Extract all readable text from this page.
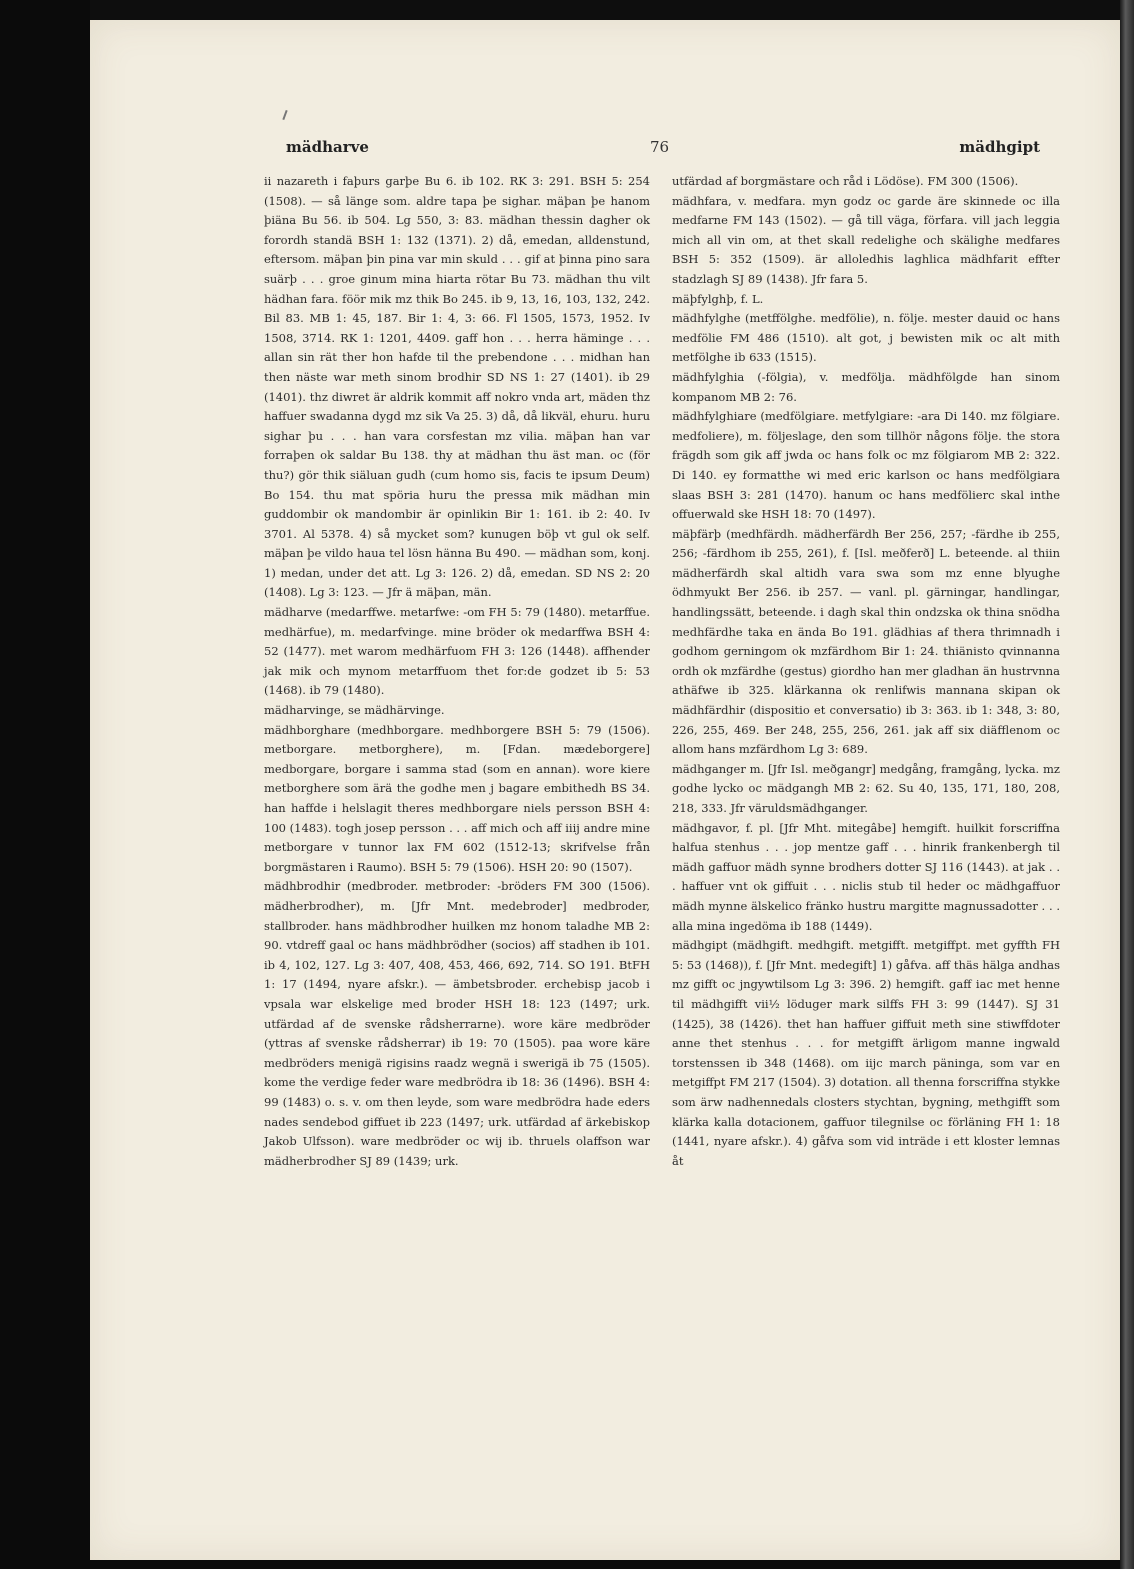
mädharve	76	mädhgipt

ii nazareth i faþurs garþe Bu 6. ib 102. RK 3: 291. BSH 5: 254 (1508). — så länge som. aldre tapa þe sighar. mäþan þe hanom þiäna Bu 56. ib 504. Lg 550, 3: 83. mädhan thessin dagher ok forordh standä BSH 1: 132 (1371). 2) då, emedan, alldenstund, eftersom. mäþan þin pina var min skuld . . . gif at þinna pino sara suärþ . . . groe ginum mina hiarta rötar Bu 73. mädhan thu vilt hädhan fara. föör mik mz thik Bo 245. ib 9, 13, 16, 103, 132, 242. Bil 83. MB 1: 45, 187. Bir 1: 4, 3: 66. Fl 1505, 1573, 1952. Iv 1508, 3714. RK 1: 1201, 4409. gaff hon . . . herra häminge . . . allan sin rät ther hon hafde til the prebendone . . . midhan han then näste war meth sinom brodhir SD NS 1: 27 (1401). ib 29 (1401). thz diwret är aldrik kommit aff nokro vnda art, mäden thz haffuer swadanna dygd mz sik Va 25. 3) då, då likväl, ehuru. huru sighar þu . . . han vara corsfestan mz vilia. mäþan han var forraþen ok saldar Bu 138. thy at mädhan thu äst man. oc (för thu?) gör thik siäluan gudh (cum homo sis, facis te ipsum Deum) Bo 154. thu mat spöria huru the pressa mik mädhan min guddombir ok mandombir är opinlikin Bir 1: 161. ib 2: 40. Iv 3701. Al 5378. 4) så mycket som? kunugen böþ vt gul ok self. mäþan þe vildo haua tel lösn hänna Bu 490. — mädhan som, konj. 1) medan, under det att. Lg 3: 126. 2) då, emedan. SD NS 2: 20 (1408). Lg 3: 123. — Jfr ä mäþan, män.

mädharve (medarffwe. metarfwe: -om FH 5: 79 (1480). metarffue. medhärfue), m. medarfvinge. mine bröder ok medarffwa BSH 4: 52 (1477). met warom medhärfuom FH 3: 126 (1448). affhender jak mik och mynom metarffuom thet for:de godzet ib 5: 53 (1468). ib 79 (1480).

mädharvinge, se mädhärvinge.

mädhborghare (medhborgare. medhborgere BSH 5: 79 (1506). metborgare. metborghere), m. [Fdan. mædeborgere] medborgare, borgare i samma stad (som en annan). wore kiere metborghere som ärä the godhe men j bagare embithedh BS 34. han haffde i helslagit theres medhborgare niels persson BSH 4: 100 (1483). togh josep persson . . . aff mich och aff iiij andre mine metborgare v tunnor lax FM 602 (1512-13; skrifvelse från borgmästaren i Raumo). BSH 5: 79 (1506). HSH 20: 90 (1507).

mädhbrodhir (medbroder. metbroder: -bröders FM 300 (1506). mädherbrodher), m. [Jfr Mnt. medebroder] medbroder, stallbroder. hans mädhbrodher huilken mz honom taladhe MB 2: 90. vtdreff gaal oc hans mädhbrödher (socios) aff stadhen ib 101. ib 4, 102, 127. Lg 3: 407, 408, 453, 466, 692, 714. SO 191. BtFH 1: 17 (1494, nyare afskr.). — ämbetsbroder. erchebisp jacob i vpsala war elskelige med broder HSH 18: 123 (1497; urk. utfärdad af de svenske rådsherrarne). wore käre medbröder (yttras af svenske rådsherrar) ib 19: 70 (1505). paa wore käre medbröders menigä rigisins raadz wegnä i swerigä ib 75 (1505). kome the verdige feder ware medbrödra ib 18: 36 (1496). BSH 4: 99 (1483) o. s. v. om then leyde, som ware medbrödra hade eders nades sendebod giffuet ib 223 (1497; urk. utfärdad af ärkebiskop Jakob Ulfsson). ware medbröder oc wij ib. thruels olaffson war mädherbrodher SJ 89 (1439; urk.

utfärdad af borgmästare och råd i Lödöse). FM 300 (1506).

mädhfara, v. medfara. myn godz oc garde äre skinnede oc illa medfarne FM 143 (1502). — gå till väga, förfara. vill jach leggia mich all vin om, at thet skall redelighe och skälighe medfares BSH 5: 352 (1509). är alloledhis laghlica mädhfarit effter stadzlagh SJ 89 (1438). Jfr fara 5.

mäþfylghþ, f. L.

mädhfylghe (metffölghe. medfölie), n. följe. mester dauid oc hans medfölie FM 486 (1510). alt got, j bewisten mik oc alt mith metfölghe ib 633 (1515).

mädhfylghia (-fölgia), v. medfölja. mädhfölgde han sinom kompanom MB 2: 76.

mädhfylghiare (medfölgiare. metfylgiare: -ara Di 140. mz fölgiare. medfoliere), m. följeslage, den som tillhör någons följe. the stora frägdh som gik aff jwda oc hans folk oc mz fölgiarom MB 2: 322. Di 140. ey formatthe wi med eric karlson oc hans medfölgiara slaas BSH 3: 281 (1470). hanum oc hans medfölierc skal inthe offuerwald ske HSH 18: 70 (1497).

mäþfärþ (medhfärdh. mädherfärdh Ber 256, 257; -färdhe ib 255, 256; -färdhom ib 255, 261), f. [Isl. meðferð] L. beteende. al thiin mädherfärdh skal altidh vara swa som mz enne blyughe ödhmyukt Ber 256. ib 257. — vanl. pl. gärningar, handlingar, handlingssätt, beteende. i dagh skal thin ondzska ok thina snödha medhfärdhe taka en ända Bo 191. glädhias af thera thrimnadh i godhom gerningom ok mzfärdhom Bir 1: 24. thiänisto qvinnanna ordh ok mzfärdhe (gestus) giordho han mer gladhan än hustrvnna athäfwe ib 325. klärkanna ok renlifwis mannana skipan ok mädhfärdhir (dispositio et conversatio) ib 3: 363. ib 1: 348, 3: 80, 226, 255, 469. Ber 248, 255, 256, 261. jak aff six diäfflenom oc allom hans mzfärdhom Lg 3: 689.

mädhganger m. [Jfr Isl. meðgangr] medgång, framgång, lycka. mz godhe lycko oc mädgangh MB 2: 62. Su 40, 135, 171, 180, 208, 218, 333. Jfr väruldsmädhganger.

mädhgavor, f. pl. [Jfr Mht. mitegâbe] hemgift. huilkit forscriffna halfua stenhus . . . jop mentze gaff . . . hinrik frankenbergh til mädh gaffuor mädh synne brodhers dotter SJ 116 (1443). at jak . . . haffuer vnt ok giffuit . . . niclis stub til heder oc mädhgaffuor mädh mynne älskelico fränko hustru margitte magnussadotter . . . alla mina ingedöma ib 188 (1449).

mädhgipt (mädhgift. medhgift. metgifft. metgiffpt. met gyffth FH 5: 53 (1468)), f. [Jfr Mnt. medegift] 1) gåfva. aff thäs hälga andhas mz gifft oc jngywtilsom Lg 3: 396. 2) hemgift. gaff iac met henne til mädhgifft vii½ löduger mark silffs FH 3: 99 (1447). SJ 31 (1425), 38 (1426). thet han haffuer giffuit meth sine stiwffdoter anne thet stenhus . . . for metgifft ärligom manne ingwald torstenssen ib 348 (1468). om iijc march päninga, som var en metgiffpt FM 217 (1504). 3) dotation. all thenna forscriffna stykke som ärw nadhennedals closters stychtan, bygning, methgifft som klärka kalla dotacionem, gaffuor tilegnilse oc förläning FH 1: 18 (1441, nyare afskr.). 4) gåfva som vid inträde i ett kloster lemnas åt
